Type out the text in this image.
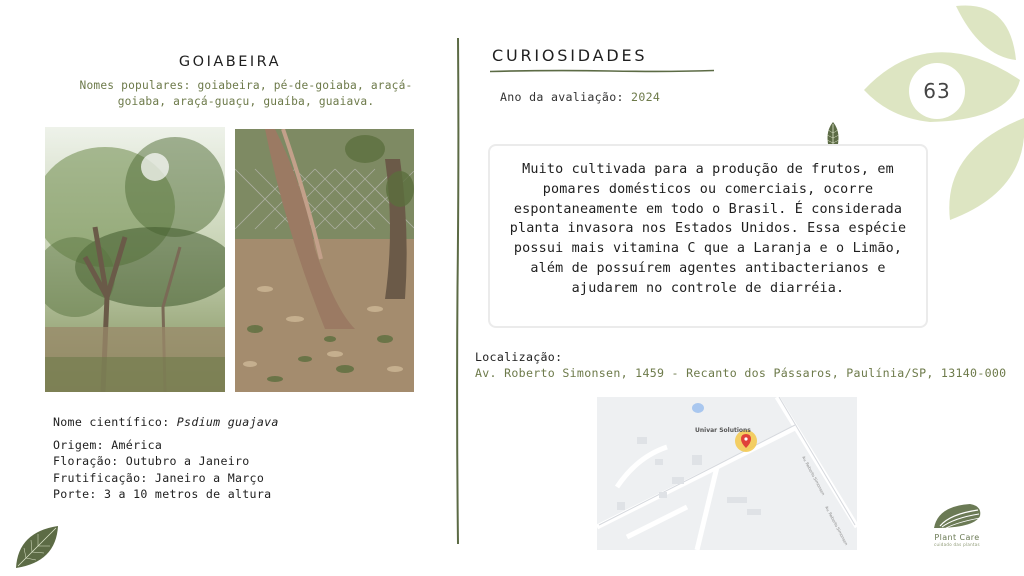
GOIABEIRA
Nomes populares: goiabeira, pé-de-goiaba, araçá-goiaba, araçá-guaçu, guaíba, guaiava.
Nome científico: Psdium guajava
Origem: América
Floração: Outubro a Janeiro
Frutificação: Janeiro a Março
Porte: 3 a 10 metros de altura
CURIOSIDADES
Ano da avaliação: 2024
Muito cultivada para a produção de frutos, em pomares domésticos ou comerciais, ocorre espontaneamente em todo o Brasil. É considerada planta invasora nos Estados Unidos. Essa espécie possui mais vitamina C que a Laranja e o Limão, além de possuírem agentes antibacterianos e ajudarem no controle de diarréia.
Localização:
Av. Roberto Simonsen, 1459 - Recanto dos Pássaros, Paulínia/SP, 13140-000
Av. Roberto Simonsen
Av. Roberto Simonsen
Univar Solutions
63
Plant Care
cuidado das plantas
